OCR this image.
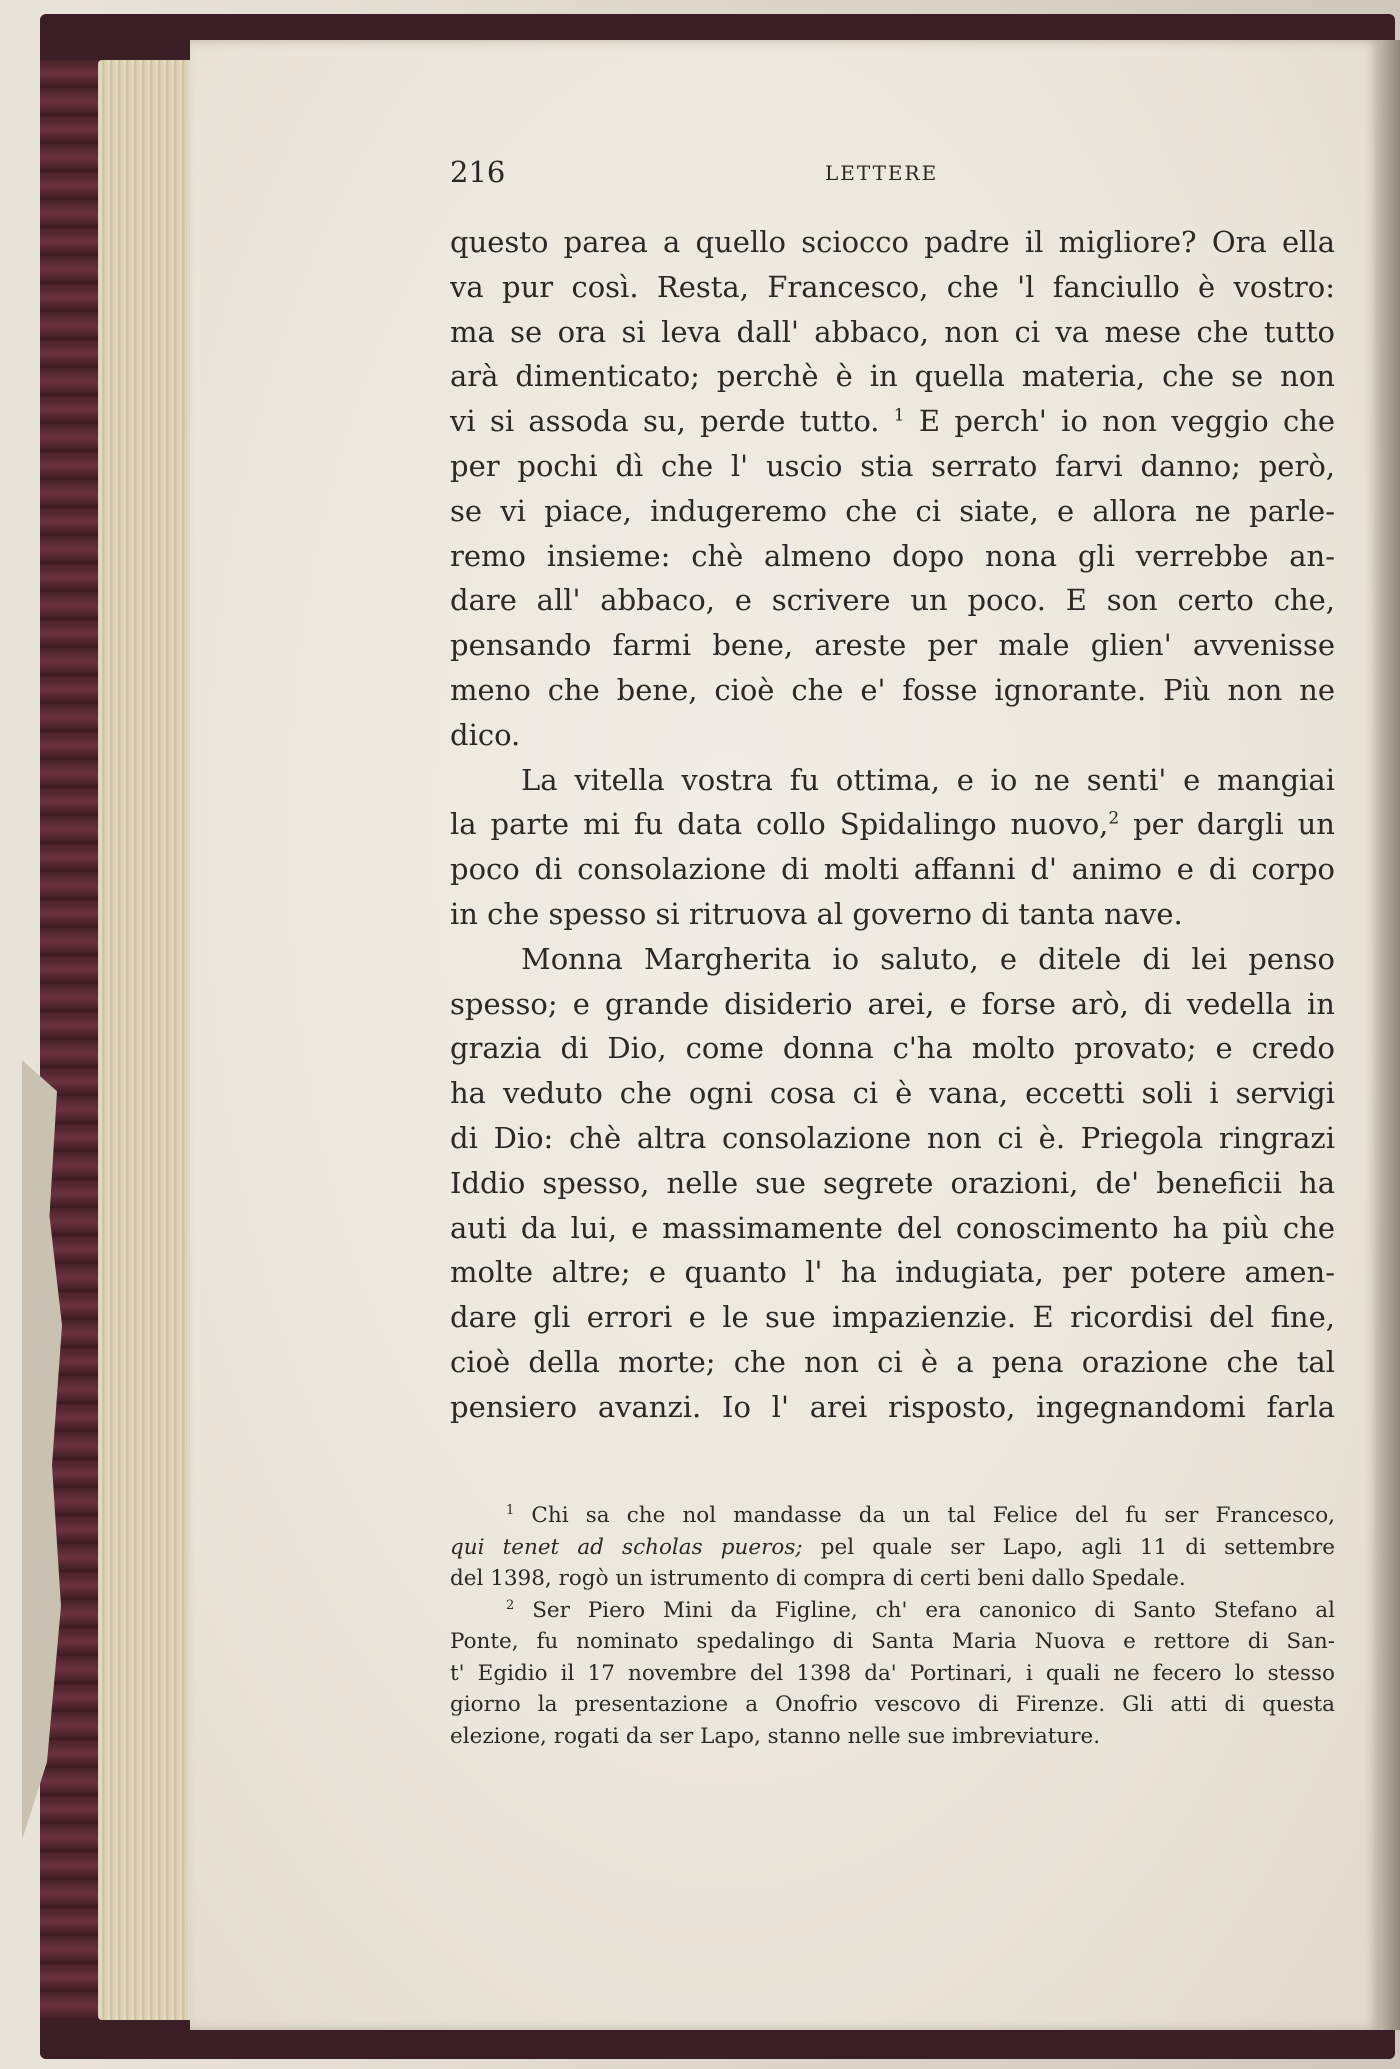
216	LETTERE
questo parea a quello sciocco padre il migliore? Ora ella
va pur così. Resta, Francesco, che 'l fanciullo è vostro:
ma se ora si leva dall' abbaco, non ci va mese che tutto
arà dimenticato; perchè è in quella materia, che se non
vi si assoda su, perde tutto. $^1$ E perch' io non veggio che
per pochi dì che l' uscio stia serrato farvi danno; però,
se vi piace, indugeremo che ci siate, e allora ne parle-
remo insieme: chè almeno dopo nona gli verrebbe an-
dare all' abbaco, e scrivere un poco. E son certo che,
pensando farmi bene, areste per male glien' avvenisse
meno che bene, cioè che e' fosse ignorante. Più non ne
dico.
La vitella vostra fu ottima, e io ne senti' e mangiai
la parte mi fu data collo Spidalingo nuovo,$^2$ per dargli un
poco di consolazione di molti affanni d' animo e di corpo
in che spesso si ritruova al governo di tanta nave.
Monna Margherita io saluto, e ditele di lei penso
spesso; e grande disiderio arei, e forse arò, di vedella in
grazia di Dio, come donna c'ha molto provato; e credo
ha veduto che ogni cosa ci è vana, eccetti soli i servigi
di Dio: chè altra consolazione non ci è. Priegola ringrazi
Iddio spesso, nelle sue segrete orazioni, de' beneficii ha
auti da lui, e massimamente del conoscimento ha più che
molte altre; e quanto l' ha indugiata, per potere amen-
dare gli errori e le sue impazienzie. E ricordisi del fine,
cioè della morte; che non ci è a pena orazione che tal
pensiero avanzi. Io l' arei risposto, ingegnandomi farla
$^1$ Chi sa che nol mandasse da un tal Felice del fu ser Francesco,
qui tenet ad scholas pueros; pel quale ser Lapo, agli 11 di settembre
del 1398, rogò un istrumento di compra di certi beni dallo Spedale.
$^2$ Ser Piero Mini da Figline, ch' era canonico di Santo Stefano al
Ponte, fu nominato spedalingo di Santa Maria Nuova e rettore di San-
t' Egidio il 17 novembre del 1398 da' Portinari, i quali ne fecero lo stesso
giorno la presentazione a Onofrio vescovo di Firenze. Gli atti di questa
elezione, rogati da ser Lapo, stanno nelle sue imbreviature.
